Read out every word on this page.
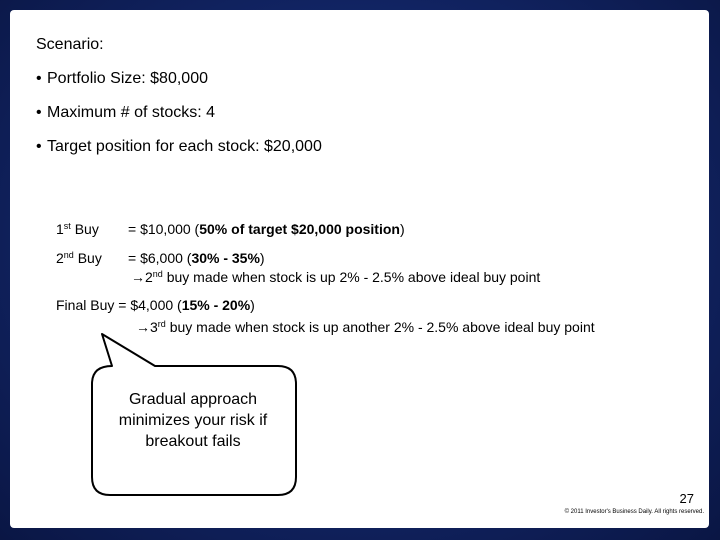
Scenario:
• Portfolio Size: $80,000
• Maximum # of stocks: 4
• Target position for each stock: $20,000
1st Buy = $10,000 (50% of target $20,000 position)
2nd Buy = $6,000 (30% - 35%)
→2nd buy made when stock is up 2% - 2.5% above ideal buy point
Final Buy = $4,000 (15% - 20%)
→3rd buy made when stock is up another 2% - 2.5% above ideal buy point
Gradual approach
minimizes your risk if
breakout fails
27
© 2011 Investor's Business Daily. All rights reserved.
